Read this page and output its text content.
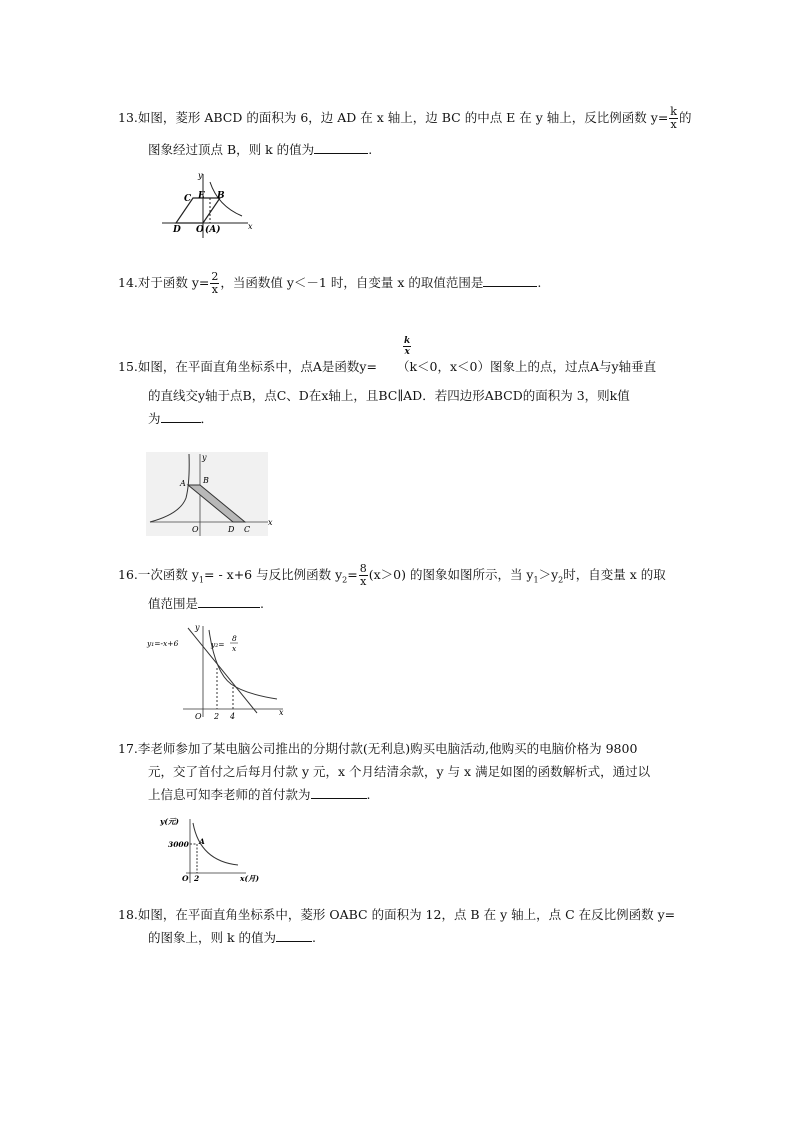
13.如图，菱形 ABCD 的面积为 6，边 AD 在 x 轴上，边 BC 的中点 E 在 y 轴上，反比例函数 $y= \frac{k}{x}$ 的
图象经过顶点 B，则 k 的值为	.
y
x
C E B
D O (A)
14.对于函数 $y= \frac{2}{x}$ ，当函数值 y＜－1 时，自变量 x 的取值范围是	.
$\frac{k}{x}$
15.如图，在平面直角坐标系中，点A是函数y= （k＜0，x＜0）图象上的点，过点A与y轴垂直
的直线交y轴于点B，点C、D在x轴上，且BC∥AD．若四边形ABCD的面积为 3，则k值
为	．
y
x
A B
O	D C
16.一次函数 $y_1= - x+6$ 与反比例函数 $y_2= \frac{8}{x} (x>0)$ 的图象如图所示，当 $y_1>y_2$时，自变量 x 的取
值范围是	.
y₁=-x+6	y₂=
8
x
y
x
O 2 4
17.李老师参加了某电脑公司推出的分期付款(无利息)购买电脑活动,他购买的电脑价格为 9800
元，交了首付之后每月付款 y 元，x 个月结清余款，y 与 x 满足如图的函数解析式，通过以
上信息可知李老师的首付款为	.
y(元)
x(月)
3000 A
O 2
18.如图，在平面直角坐标系中，菱形 OABC 的面积为 12，点 B 在 y 轴上，点 C 在反比例函数 y=
的图象上，则 k 的值为	.
